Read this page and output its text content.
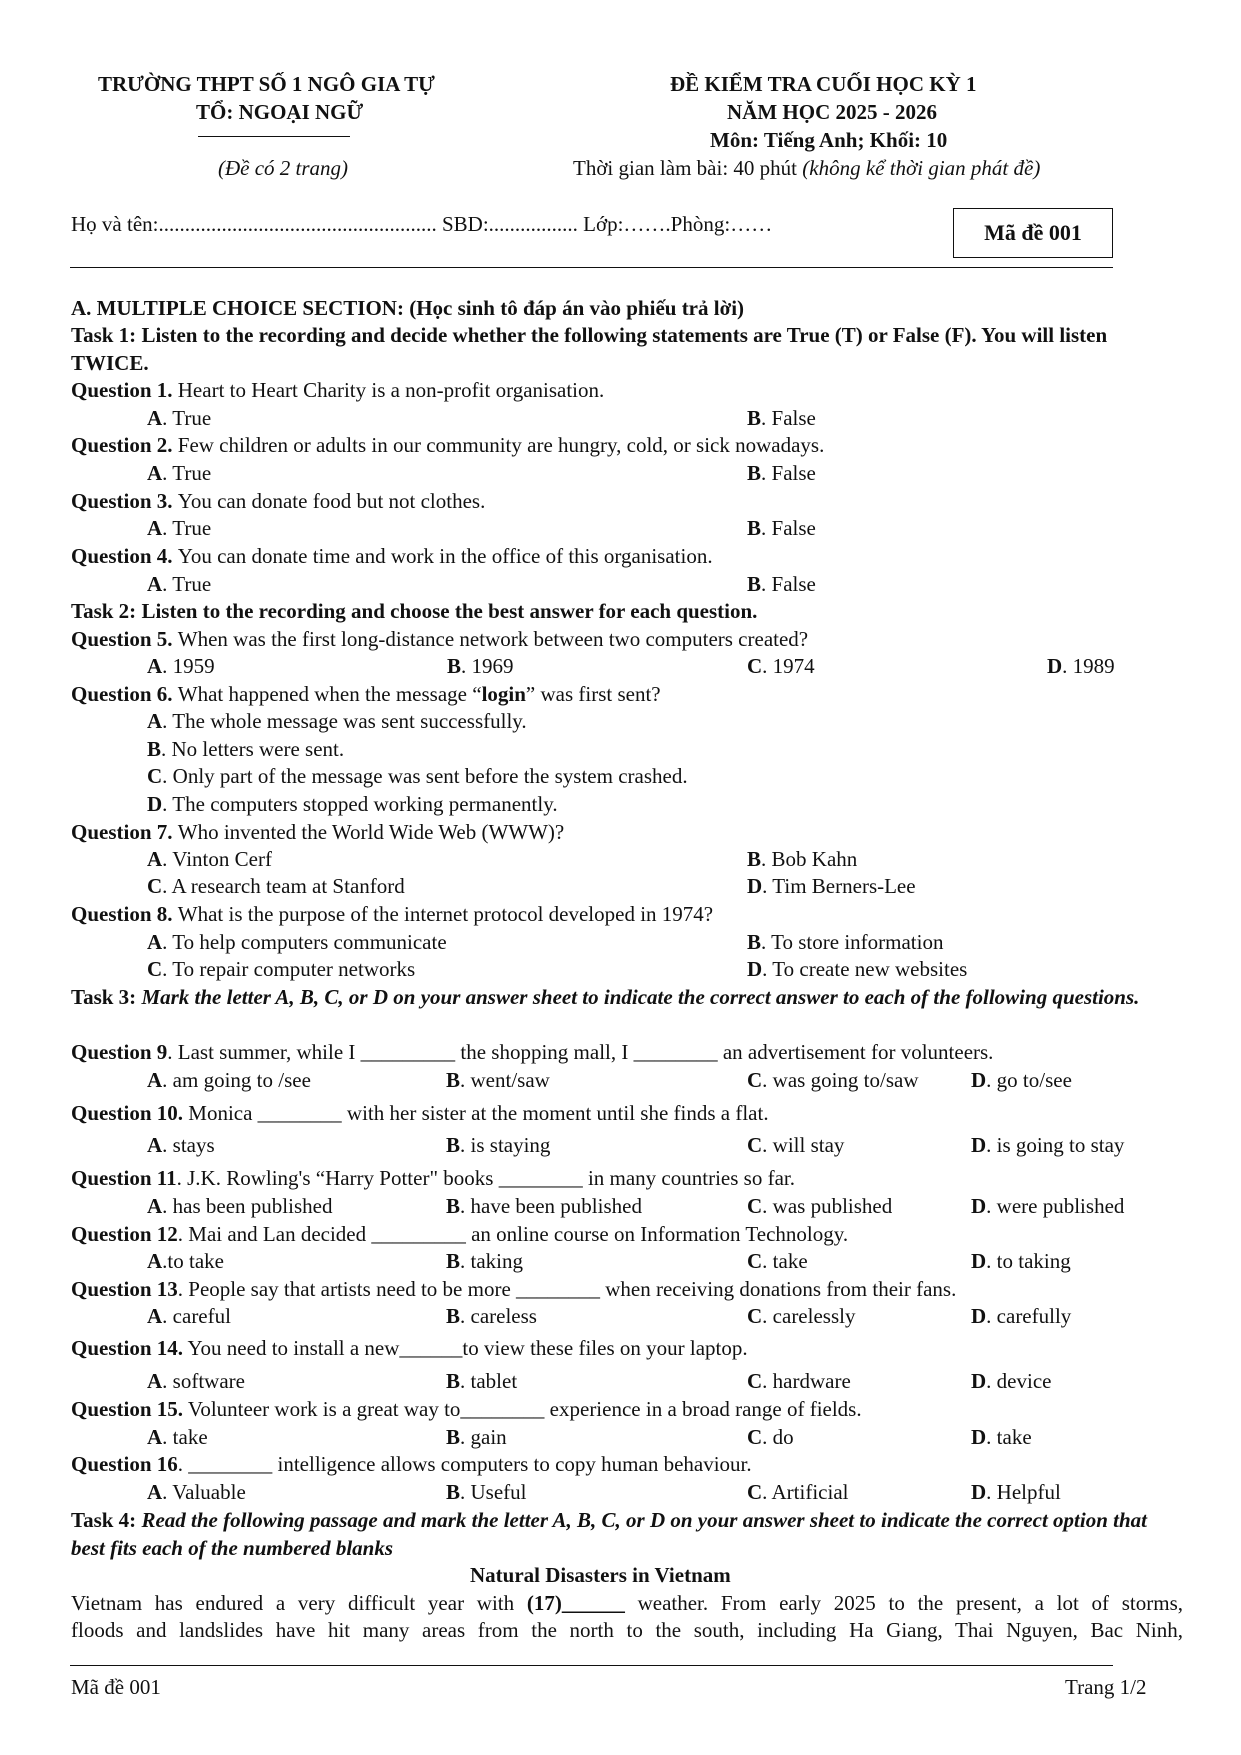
TRƯỜNG THPT SỐ 1 NGÔ GIA TỰ
TỔ: NGOẠI NGỮ
(Đề có 2 trang)
ĐỀ KIỂM TRA CUỐI HỌC KỲ 1
NĂM HỌC 2025 - 2026
Môn: Tiếng Anh; Khối: 10
Thời gian làm bài: 40 phút (không kể thời gian phát đề)
Họ và tên:..................................................... SBD:................. Lớp:…….Phòng:……	Mã đề 001
A. MULTIPLE CHOICE SECTION: (Học sinh tô đáp án vào phiếu trả lời)
Task 1: Listen to the recording and decide whether the following statements are True (T) or False (F). You will listen TWICE.
Question 1. Heart to Heart Charity is a non-profit organisation.
A. True	B. False
Question 2. Few children or adults in our community are hungry, cold, or sick nowadays.
A. True	B. False
Question 3. You can donate food but not clothes.
A. True	B. False
Question 4. You can donate time and work in the office of this organisation.
A. True	B. False
Task 2: Listen to the recording and choose the best answer for each question.
Question 5. When was the first long-distance network between two computers created?
A. 1959	B. 1969	C. 1974	D. 1989
Question 6. What happened when the message “login” was first sent?
A. The whole message was sent successfully.
B. No letters were sent.
C. Only part of the message was sent before the system crashed.
D. The computers stopped working permanently.
Question 7. Who invented the World Wide Web (WWW)?
A. Vinton Cerf	B. Bob Kahn
C. A research team at Stanford	D. Tim Berners-Lee
Question 8. What is the purpose of the internet protocol developed in 1974?
A. To help computers communicate	B. To store information
C. To repair computer networks	D. To create new websites
Task 3: Mark the letter A, B, C, or D on your answer sheet to indicate the correct answer to each of the following questions.
Question 9. Last summer, while I _________ the shopping mall, I ________ an advertisement for volunteers.
A. am going to /see	B. went/saw	C. was going to/saw	D. go to/see
Question 10. Monica ________ with her sister at the moment until she finds a flat.
A. stays	B. is staying	C. will stay	D. is going to stay
Question 11. J.K. Rowling's “Harry Potter" books ________ in many countries so far.
A. has been published	B. have been published	C. was published	D. were published
Question 12. Mai and Lan decided _________ an online course on Information Technology.
A.to take	B. taking	C. take	D. to taking
Question 13. People say that artists need to be more ________ when receiving donations from their fans.
A. careful	B. careless	C. carelessly	D. carefully
Question 14. You need to install a new______to view these files on your laptop.
A. software	B. tablet	C. hardware	D. device
Question 15. Volunteer work is a great way to________ experience in a broad range of fields.
A. take	B. gain	C. do	D. take
Question 16. ________ intelligence allows computers to copy human behaviour.
A. Valuable	B. Useful	C. Artificial	D. Helpful
Task 4: Read the following passage and mark the letter A, B, C, or D on your answer sheet to indicate the correct option that best fits each of the numbered blanks
Natural Disasters in Vietnam
Vietnam has endured a very difficult year with (17)______ weather. From early 2025 to the present, a lot of storms,
floods and landslides have hit many areas from the north to the south, including Ha Giang, Thai Nguyen, Bac Ninh,
Mã đề 001	Trang 1/2
